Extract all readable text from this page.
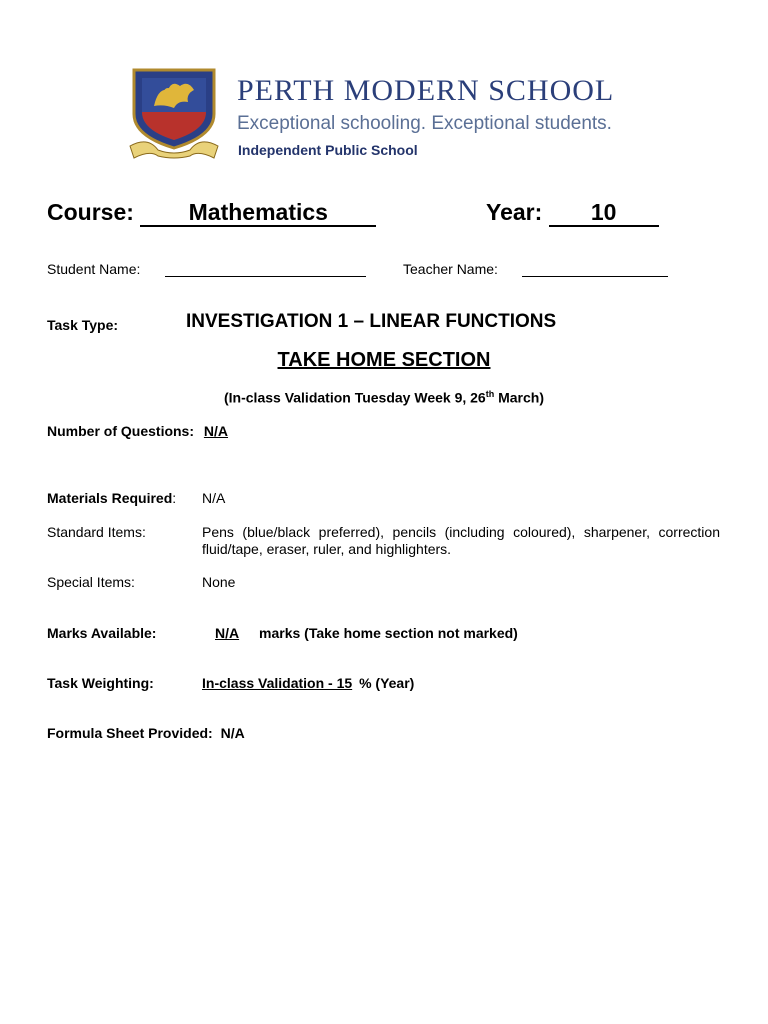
PERTH MODERN SCHOOL
Exceptional schooling. Exceptional students.
Independent Public School
Course: Mathematics	Year: 10
Student Name:	Teacher Name:
Task Type:	INVESTIGATION 1 – LINEAR FUNCTIONS
TAKE HOME SECTION
(In-class Validation Tuesday Week 9, 26th March)
Number of Questions: N/A
Materials Required: N/A
Standard Items:	Pens (blue/black preferred), pencils (including coloured), sharpener, correction fluid/tape, eraser, ruler, and highlighters.
Special Items:	None
Marks Available:	N/A marks (Take home section not marked)
Task Weighting:	In-class Validation - 15 % (Year)
Formula Sheet Provided: N/A
